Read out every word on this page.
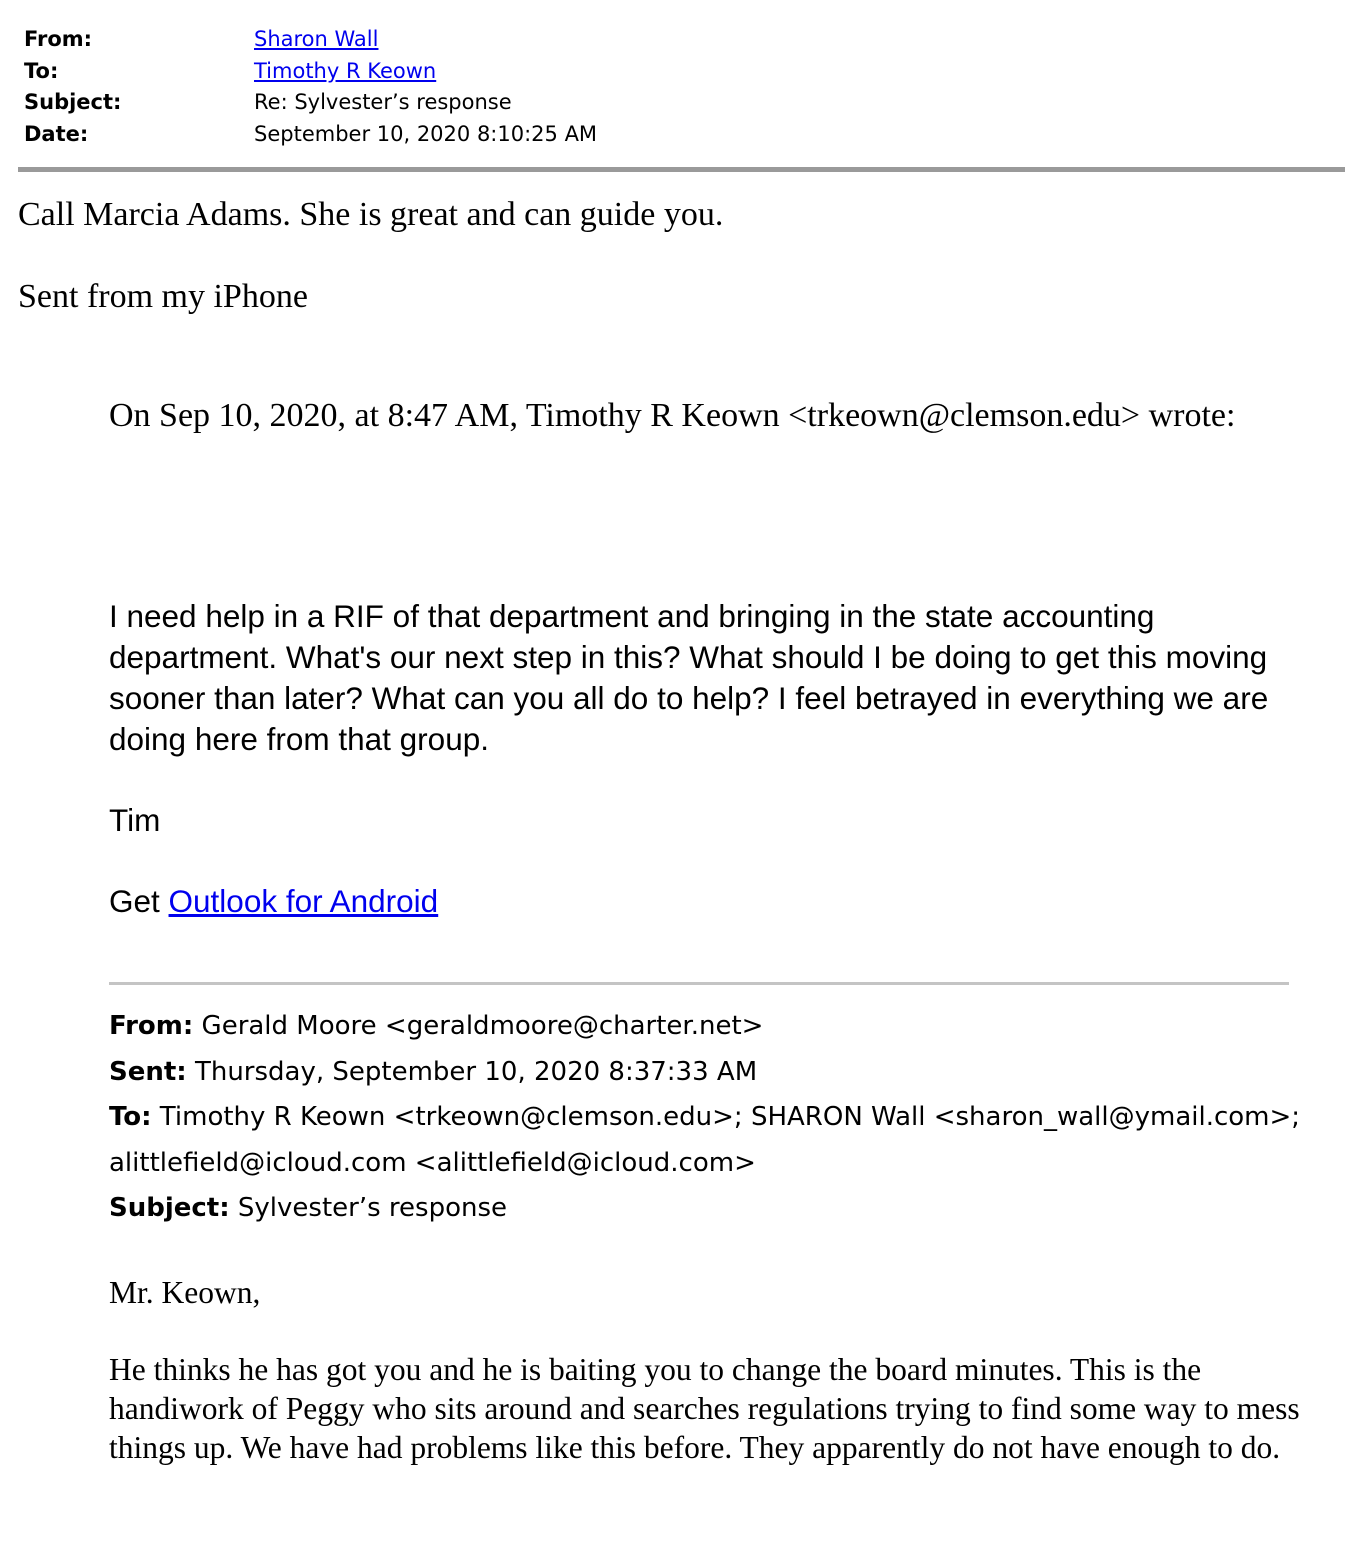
From:	Sharon Wall
To:	Timothy R Keown
Subject:	Re: Sylvester’s response
Date:	September 10, 2020 8:10:25 AM
Call Marcia Adams. She is great and can guide you.
Sent from my iPhone
On Sep 10, 2020, at 8:47 AM, Timothy R Keown <trkeown@clemson.edu> wrote:
I need help in a RIF of that department and bringing in the state accounting department. What's our next step in this? What should I be doing to get this moving sooner than later? What can you all do to help? I feel betrayed in everything we are doing here from that group.
Tim
Get Outlook for Android
From: Gerald Moore <geraldmoore@charter.net>
Sent: Thursday, September 10, 2020 8:37:33 AM
To: Timothy R Keown <trkeown@clemson.edu>; SHARON Wall <sharon_wall@ymail.com>; alittlefield@icloud.com <alittlefield@icloud.com>
Subject: Sylvester’s response
Mr. Keown,
He thinks he has got you and he is baiting you to change the board minutes. This is the handiwork of Peggy who sits around and searches regulations trying to find some way to mess things up. We have had problems like this before. They apparently do not have enough to do.
